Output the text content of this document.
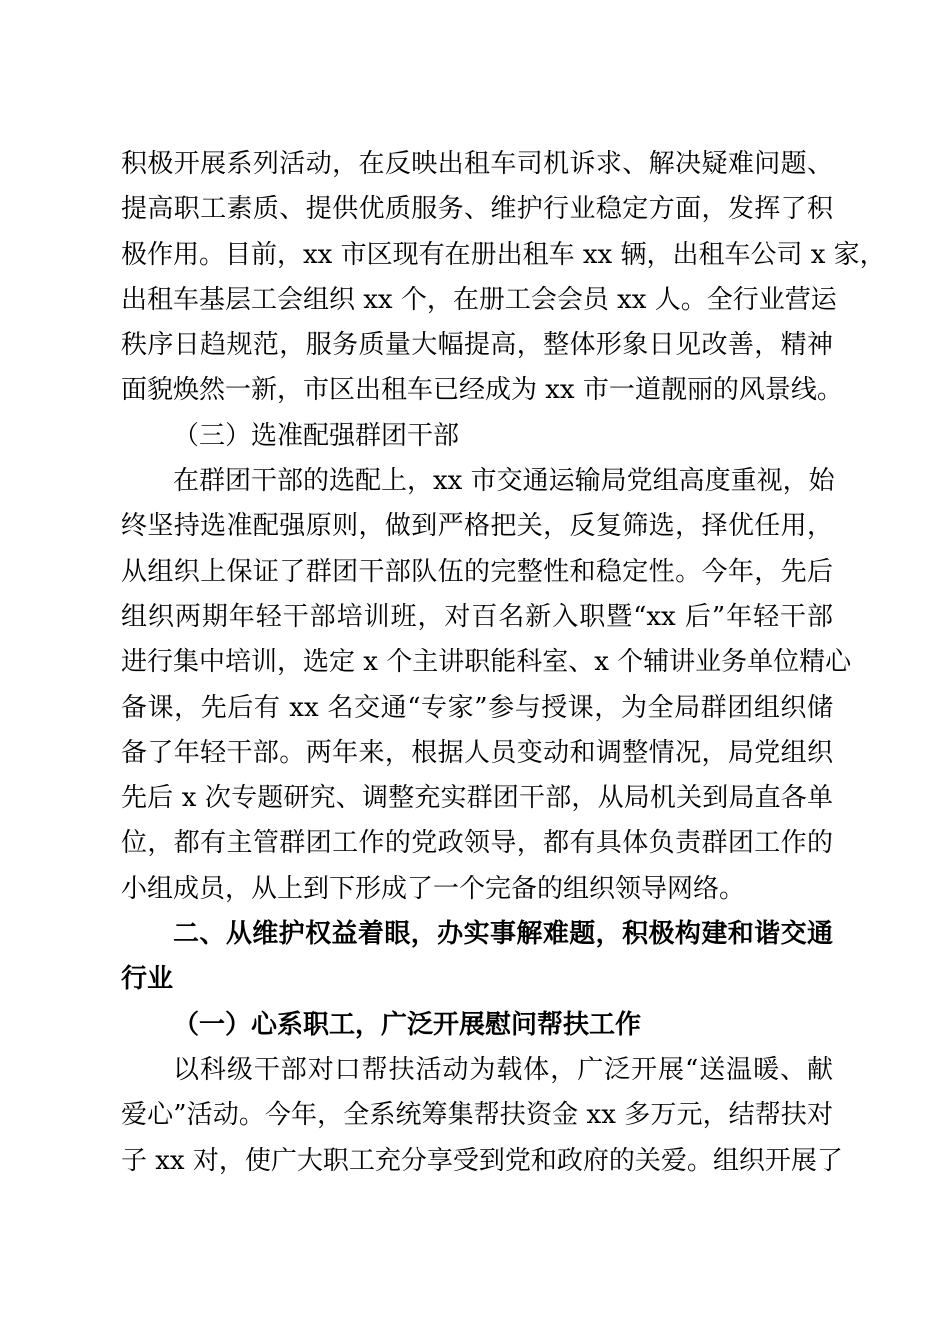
积极开展系列活动，在反映出租车司机诉求、解决疑难问题、
提高职工素质、提供优质服务、维护行业稳定方面，发挥了积
极作用。目前，xx 市区现有在册出租车 xx 辆，出租车公司 x 家，
出租车基层工会组织 xx 个，在册工会会员 xx 人。全行业营运
秩序日趋规范，服务质量大幅提高，整体形象日见改善，精神
面貌焕然一新，市区出租车已经成为 xx 市一道靓丽的风景线。
（三）选准配强群团干部
在群团干部的选配上，xx 市交通运输局党组高度重视，始
终坚持选准配强原则，做到严格把关，反复筛选，择优任用，
从组织上保证了群团干部队伍的完整性和稳定性。今年，先后
组织两期年轻干部培训班，对百名新入职暨“xx 后”年轻干部
进行集中培训，选定 x 个主讲职能科室、x 个辅讲业务单位精心
备课，先后有 xx 名交通“专家”参与授课，为全局群团组织储
备了年轻干部。两年来，根据人员变动和调整情况，局党组织
先后 x 次专题研究、调整充实群团干部，从局机关到局直各单
位，都有主管群团工作的党政领导，都有具体负责群团工作的
小组成员，从上到下形成了一个完备的组织领导网络。
二、从维护权益着眼，办实事解难题，积极构建和谐交通
行业
（一）心系职工，广泛开展慰问帮扶工作
以科级干部对口帮扶活动为载体，广泛开展“送温暖、献
爱心”活动。今年，全系统筹集帮扶资金 xx 多万元，结帮扶对
子 xx 对，使广大职工充分享受到党和政府的关爱。组织开展了
